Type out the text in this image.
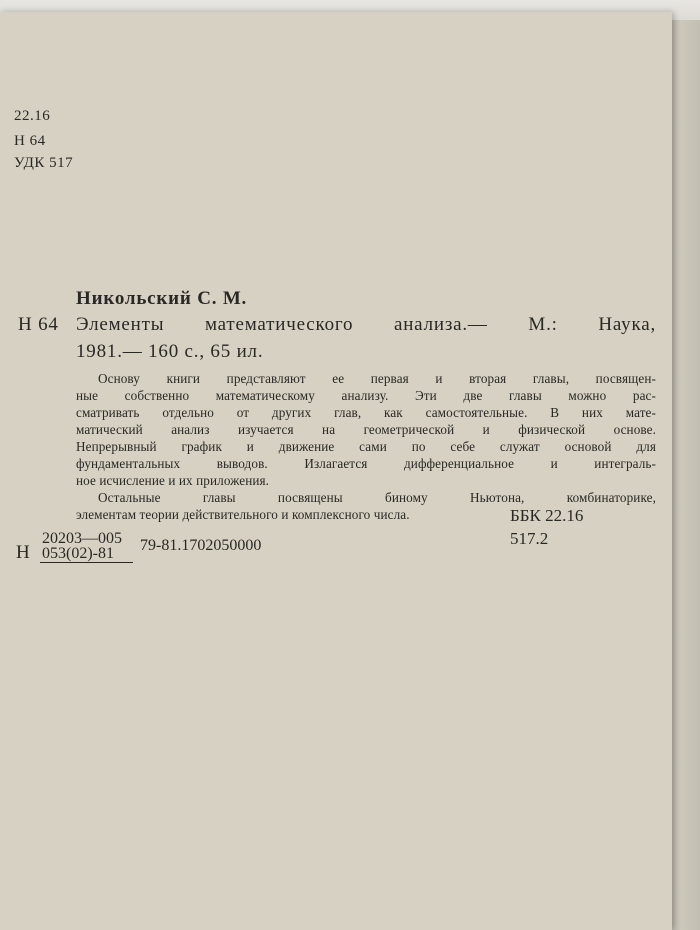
22.16
Н 64
УДК 517
Никольский С. М.
Н 64 Элементы математического анализа.— М.: Наука,
1981.— 160 с., 65 ил.
Основу книги представляют ее первая и вторая главы, посвящен-
ные собственно математическому анализу. Эти две главы можно рас-
сматривать отдельно от других глав, как самостоятельные. В них мате-
матический анализ изучается на геометрической и физической основе.
Непрерывный график и движение сами по себе служат основой для
фундаментальных выводов. Излагается дифференциальное и интеграль-
ное исчисление и их приложения.
Остальные главы посвящены биному Ньютона, комбинаторике,
элементам теории действительного и комплексного числа.
Н
20203—005
053(02)-81 79-81.1702050000
ББК 22.16
517.2
